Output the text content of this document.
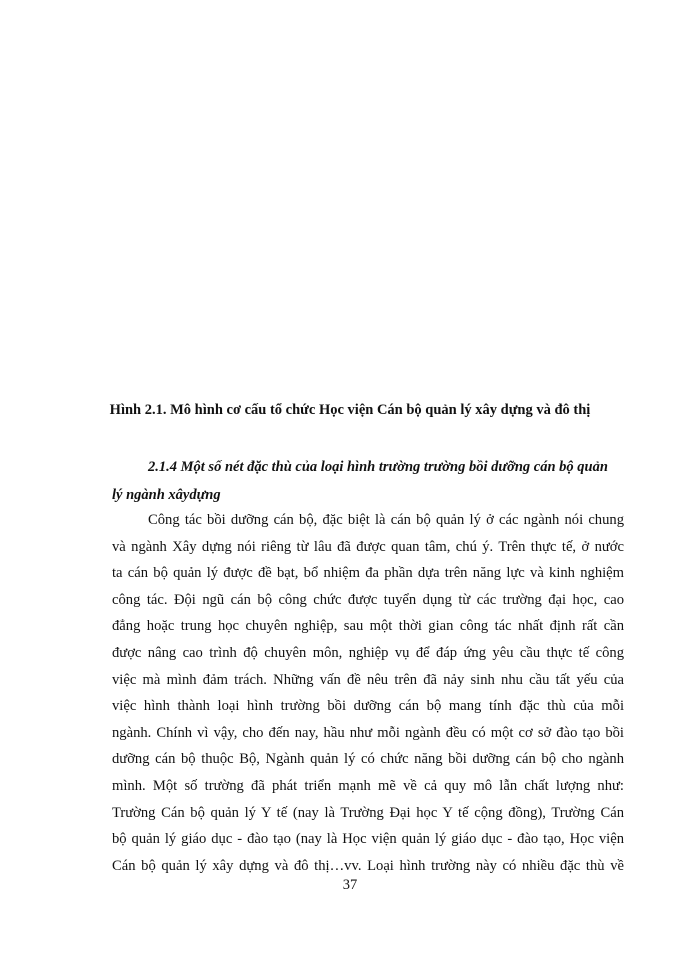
Hình 2.1. Mô hình cơ cấu tổ chức Học viện Cán bộ quản lý xây dựng và đô thị

2.1.4 Một số nét đặc thù của loại hình trường trường bồi dưỡng cán bộ quản
lý ngành xâydựng

Công tác bồi dưỡng cán bộ, đặc biệt là cán bộ quản lý ở các ngành nói chung
và ngành Xây dựng nói riêng từ lâu đã được quan tâm, chú ý. Trên thực tế, ở nước
ta cán bộ quản lý được đề bạt, bổ nhiệm đa phần dựa trên năng lực và kinh nghiệm
công tác. Đội ngũ cán bộ công chức được tuyển dụng từ các trường đại học, cao
đẳng hoặc trung học chuyên nghiệp, sau một thời gian công tác nhất định rất cần
được nâng cao trình độ chuyên môn, nghiệp vụ để đáp ứng yêu cầu thực tế công
việc mà mình đảm trách. Những vấn đề nêu trên đã nảy sinh nhu cầu tất yếu của
việc hình thành loại hình trường bồi dưỡng cán bộ mang tính đặc thù của mỗi
ngành. Chính vì vậy, cho đến nay, hầu như mỗi ngành đều có một cơ sở đào tạo bồi
dưỡng cán bộ thuộc Bộ, Ngành quản lý có chức năng bồi dưỡng cán bộ cho ngành
mình. Một số trường đã phát triển mạnh mẽ về cả quy mô lẫn chất lượng như:
Trường Cán bộ quản lý Y tế (nay là Trường Đại học Y tế cộng đồng), Trường Cán
bộ quản lý giáo dục - đào tạo (nay là Học viện quản lý giáo dục - đào tạo, Học viện
Cán bộ quản lý xây dựng và đô thị…vv. Loại hình trường này có nhiều đặc thù về
37
